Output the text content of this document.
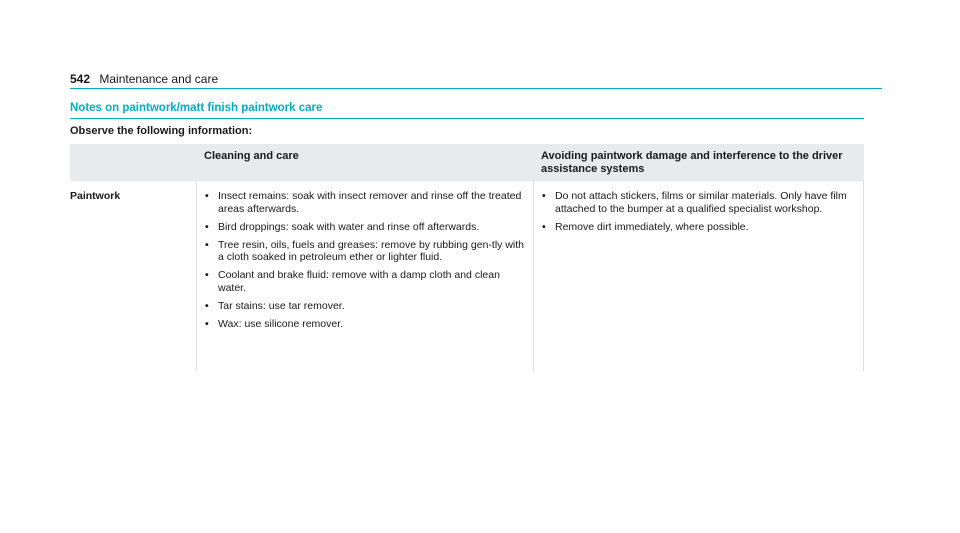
542 Maintenance and care
Notes on paintwork/matt finish paintwork care
Observe the following information:
Cleaning and care	Avoiding paintwork damage and interference to the driver assistance systems
Paintwork	• Insect remains: soak with insect remover and rinse off the treated areas afterwards.
• Bird droppings: soak with water and rinse off afterwards.
• Tree resin, oils, fuels and greases: remove by rubbing gen-tly with a cloth soaked in petroleum ether or lighter fluid.
• Coolant and brake fluid: remove with a damp cloth and clean water.
• Tar stains: use tar remover.
• Wax: use silicone remover.
• Do not attach stickers, films or similar materials. Only have film attached to the bumper at a qualified specialist workshop.
• Remove dirt immediately, where possible.
